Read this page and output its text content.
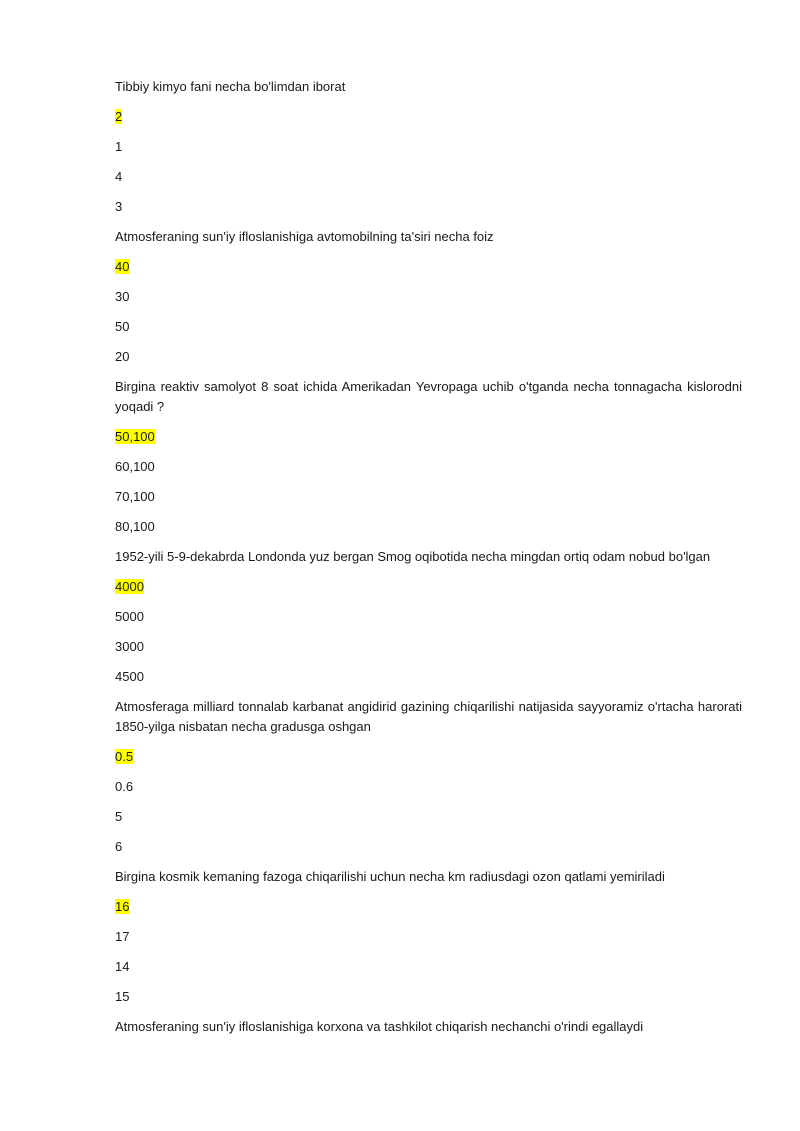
Tibbiy kimyo fani necha bo'limdan iborat

2

1

4

3

Atmosferaning sun'iy ifloslanishiga avtomobilning ta'siri necha foiz

40

30

50

20

Birgina reaktiv samolyot 8 soat ichida Amerikadan Yevropaga uchib o'tganda necha tonnagacha kislorodni yoqadi ?

50,100

60,100

70,100

80,100

1952-yili 5-9-dekabrda Londonda yuz bergan Smog oqibotida necha mingdan ortiq odam nobud bo'lgan

4000

5000

3000

4500

Atmosferaga milliard tonnalab karbanat angidirid gazining chiqarilishi natijasida sayyoramiz o'rtacha harorati 1850-yilga nisbatan necha gradusga oshgan

0.5

0.6

5

6

Birgina kosmik kemaning fazoga chiqarilishi uchun necha km radiusdagi ozon qatlami yemiriladi

16

17

14

15

Atmosferaning sun'iy ifloslanishiga korxona va tashkilot chiqarish nechanchi o'rindi egallaydi
